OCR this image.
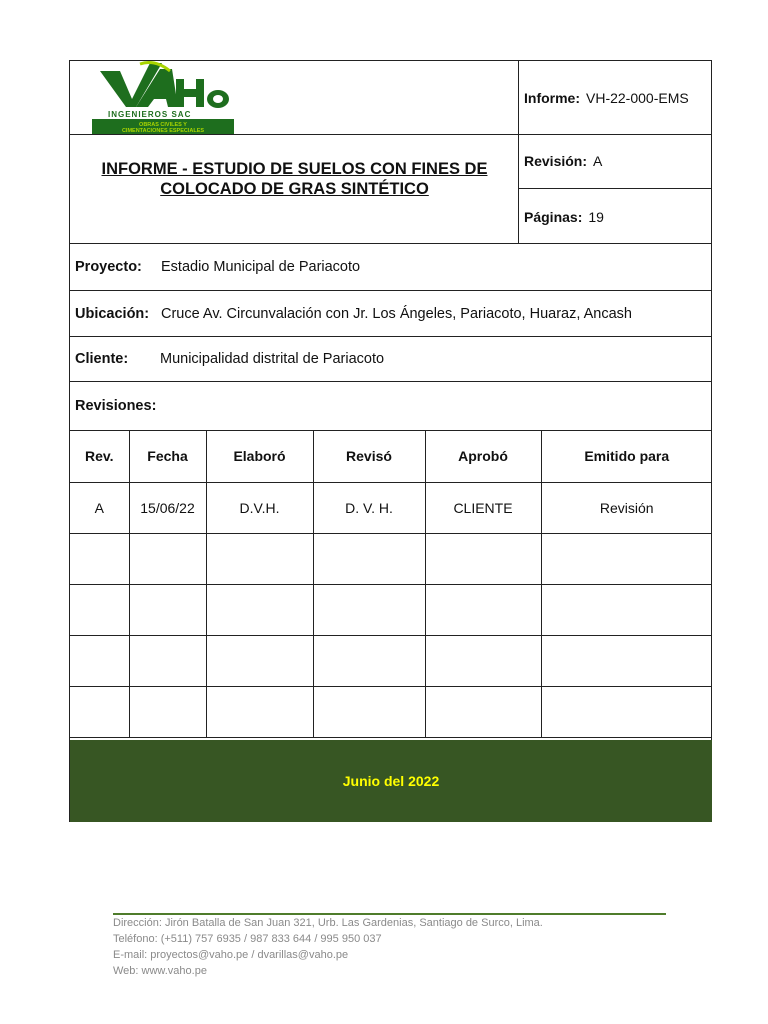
INGENIEROS SAC
OBRAS CIVILES Y
CIMENTACIONES ESPECIALES
INFORME - ESTUDIO DE SUELOS CON FINES DE COLOCADO DE GRAS SINTÉTICO
Informe: VH-22-000-EMS
Revisión: A
Páginas: 19
Proyecto:	Estadio Municipal de Pariacoto
Ubicación: Cruce Av. Circunvalación con Jr. Los Ángeles, Pariacoto, Huaraz, Ancash
Cliente:	Municipalidad distrital de Pariacoto
Revisiones:
Rev.	Fecha	Elaboró	Revisó	Aprobó	Emitido para
A	15/06/22	D.V.H.	D. V. H.	CLIENTE	Revisión

Junio del 2022
Dirección: Jirón Batalla de San Juan 321, Urb. Las Gardenias, Santiago de Surco, Lima.
Teléfono: (+511) 757 6935 / 987 833 644 / 995 950 037
E-mail: proyectos@vaho.pe / dvarillas@vaho.pe
Web: www.vaho.pe
